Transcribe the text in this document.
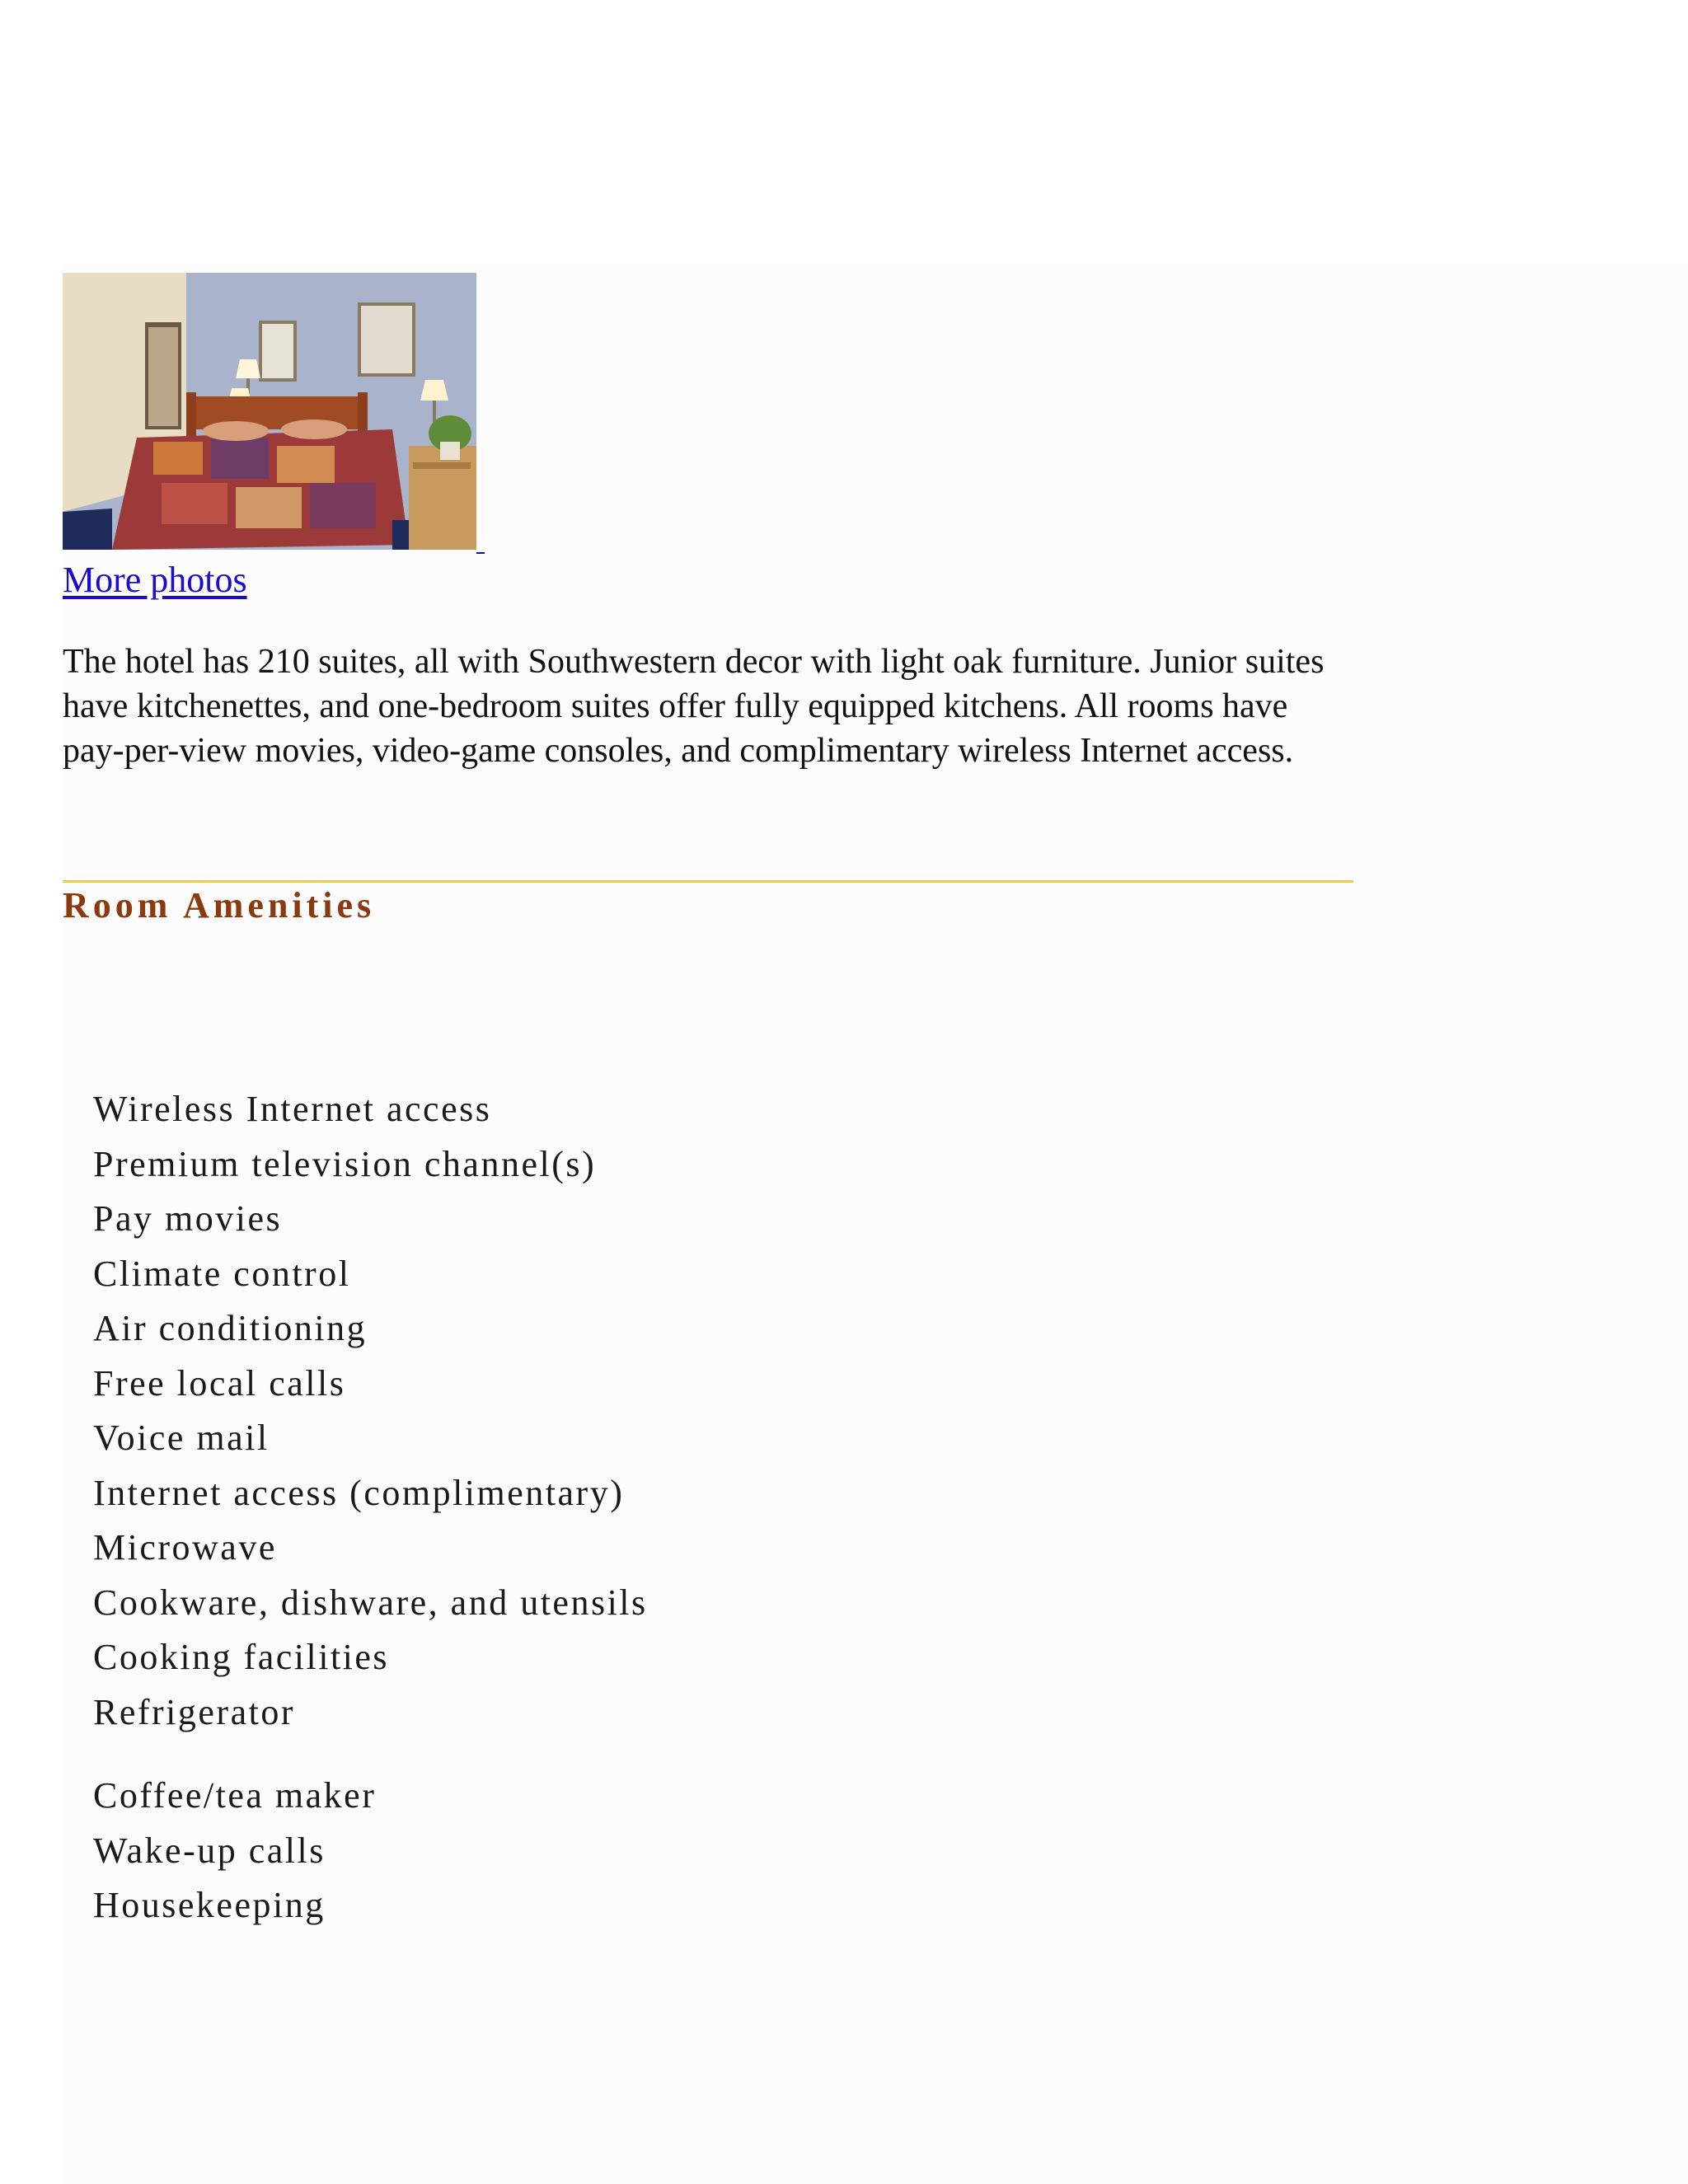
More photos

The hotel has 210 suites, all with Southwestern decor with light oak furniture. Junior suites have kitchenettes, and one-bedroom suites offer fully equipped kitchens. All rooms have pay-per-view movies, video-game consoles, and complimentary wireless Internet access.

Room Amenities
Wireless Internet access
Premium television channel(s)
Pay movies
Climate control
Air conditioning
Free local calls
Voice mail
Internet access (complimentary)
Microwave
Cookware, dishware, and utensils
Cooking facilities
Refrigerator
Coffee/tea maker
Wake-up calls
Housekeeping
